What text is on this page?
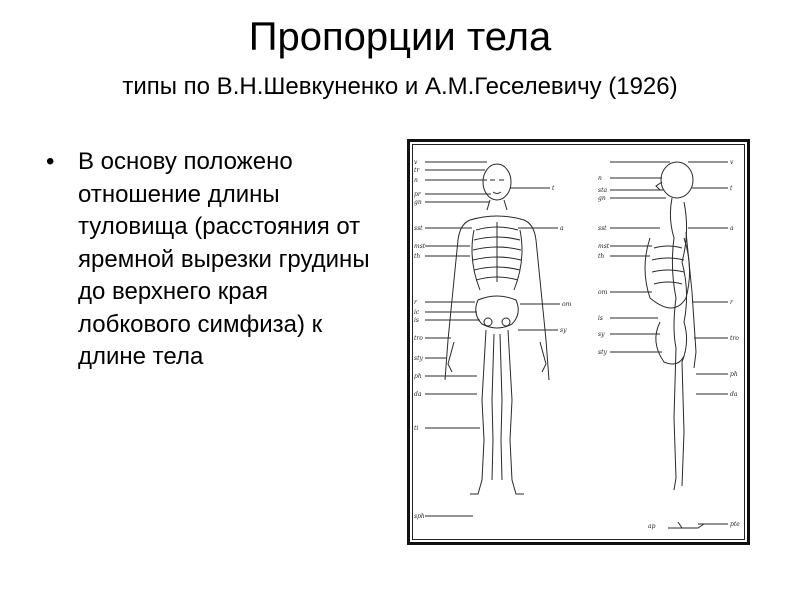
Пропорции тела
типы по В.Н.Шевкуненко и А.М.Геселевичу (1926)
• В основу положено отношение длины туловища (расстояния от яремной вырезки грудины до верхнего края лобкового симфиза) к длине тела
v
tr
n
pr
gn
sst
mst
th
r
ic
is
tro
sty
ph
da
ti
sph
t
a
om
sy
n
sta
gn
sst
mst
th
om
is
sy
sty
v
t
a
r
tro
ph
da
ap	pte
